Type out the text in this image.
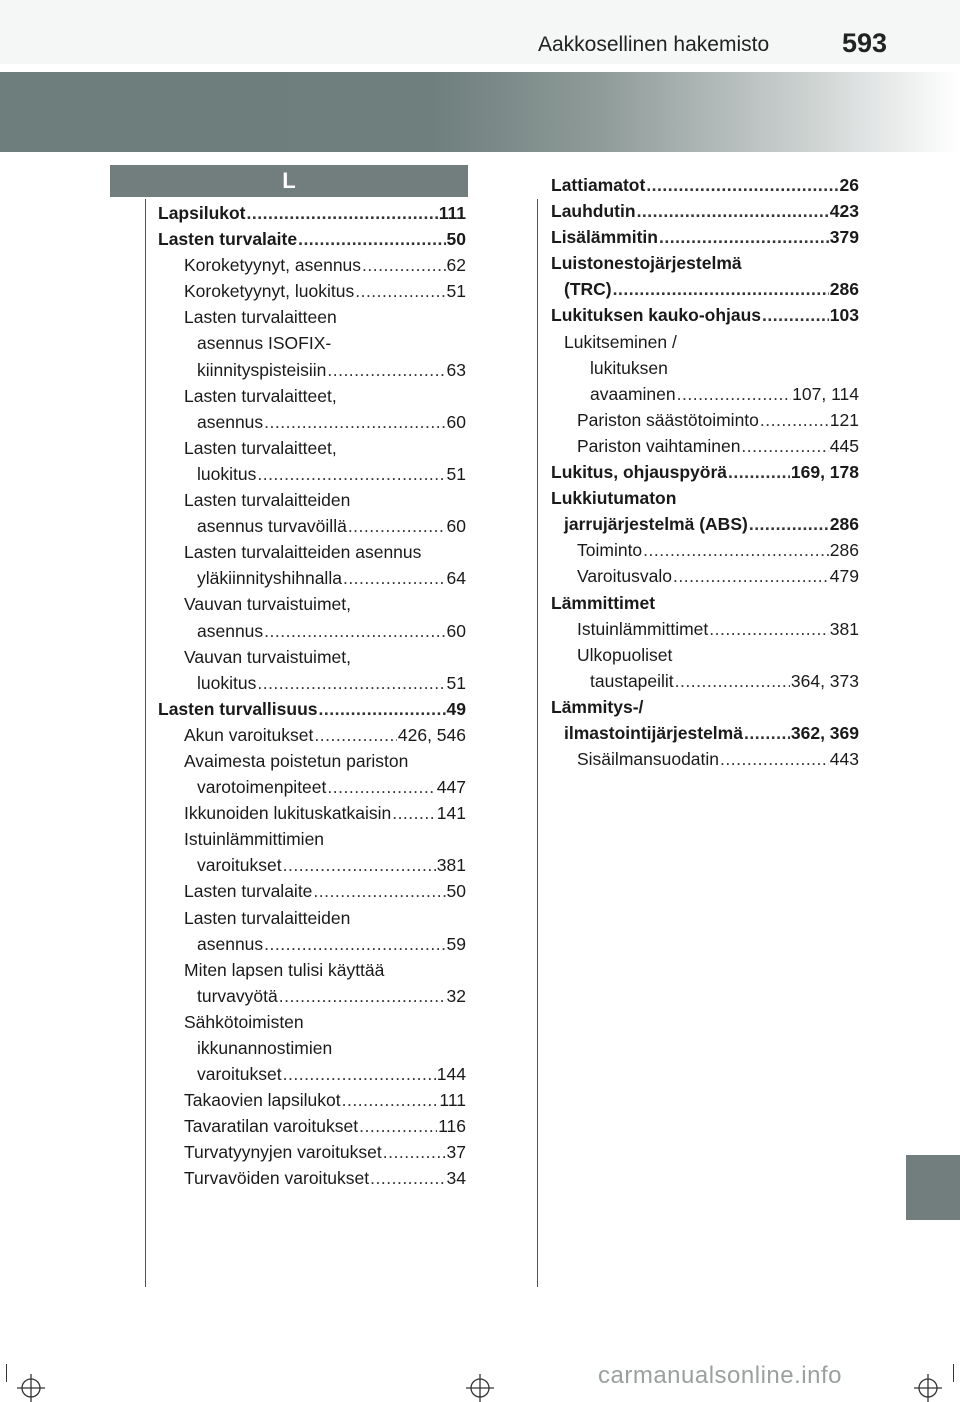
Aakkosellinen hakemisto	593
L
Lapsilukot .....	111
Lasten turvalaite .....	50
Koroketyynyt, asennus .....	62
Koroketyynyt, luokitus .....	51
Lasten turvalaitteen
asennus ISOFIX-
kiinnityspisteisiin .....	63
Lasten turvalaitteet,
asennus .....	60
Lasten turvalaitteet,
luokitus .....	51
Lasten turvalaitteiden
asennus turvavöillä .....	60
Lasten turvalaitteiden asennus
yläkiinnityshihnalla .....	64
Vauvan turvaistuimet,
asennus .....	60
Vauvan turvaistuimet,
luokitus .....	51
Lasten turvallisuus .....	49
Akun varoitukset .....	426, 546
Avaimesta poistetun pariston
varotoimenpiteet .....	447
Ikkunoiden lukituskatkaisin .....	141
Istuinlämmittimien
varoitukset .....	381
Lasten turvalaite .....	50
Lasten turvalaitteiden
asennus .....	59
Miten lapsen tulisi käyttää
turvavyötä .....	32
Sähkötoimisten
ikkunannostimien
varoitukset .....	144
Takaovien lapsilukot .....	111
Tavaratilan varoitukset .....	116
Turvatyynyjen varoitukset .....	37
Turvavöiden varoitukset .....	34
Lattiamatot .....	26
Lauhdutin .....	423
Lisälämmitin .....	379
Luistonestojärjestelmä
(TRC) .....	286
Lukituksen kauko-ohjaus .....	103
Lukitseminen /
lukituksen
avaaminen .....	107, 114
Pariston säästötoiminto .....	121
Pariston vaihtaminen .....	445
Lukitus, ohjauspyörä .....	169, 178
Lukkiutumaton
jarrujärjestelmä (ABS) .....	286
Toiminto .....	286
Varoitusvalo .....	479
Lämmittimet
Istuinlämmittimet .....	381
Ulkopuoliset
taustapeilit .....	364, 373
Lämmitys-/
ilmastointijärjestelmä .....	362, 369
Sisäilmansuodatin .....	443
carmanualsonline.info
